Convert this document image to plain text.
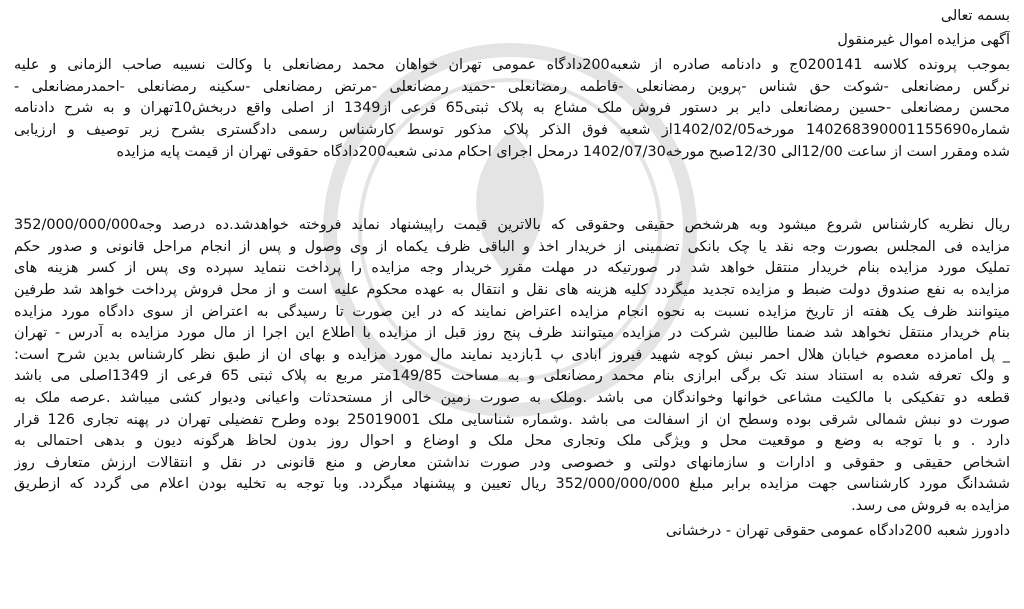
بسمه تعالی
آگهی مزایده اموال غیرمنقول
بموجب پرونده کلاسه 0200141ج و دادنامه صادره از شعبه200دادگاه عمومی تهران خواهان محمد رمضانعلی با وکالت نسیبه صاحب الزمانی و علیه
نرگس رمضانعلی -شوکت حق شناس -پروین رمضانعلی -فاطمه رمضانعلی -حمید رمضانعلی -مرتض رمضانعلی -سکینه رمضانعلی -احمدرمضانعلی -
محسن رمضانعلی -حسین رمضانعلی دایر بر دستور فروش ملک مشاع به پلاک ثبتی65 فرعی از1349 از اصلی واقع دربخش10تهران و به شرح دادنامه
شماره140268390001155690 مورخه1402/02/05از شعبه فوق الذکر پلاک مذکور توسط کارشناس رسمی دادگستری بشرح زیر توصیف و ارزیابی
شده ومقرر است از ساعت 12/00الی 12/30صبح مورخه1402/07/30 درمحل اجرای احکام مدنی شعبه200دادگاه حقوقی تهران از قیمت پایه مزایده
ریال نظریه کارشناس شروع میشود وبه هرشخص حقیقی وحقوقی که بالاترین قیمت راپیشنهاد نماید فروخته خواهدشد.ده درصد وجه352/000/000/000
مزایده فی المجلس بصورت وجه نقد یا چک بانکی تضمینی از خریدار اخذ و الباقی ظرف یکماه از وی وصول و پس از انجام مراحل قانونی و صدور حکم
تملیک مورد مزایده بنام خریدار منتقل خواهد شد در صورتیکه در مهلت مقرر خریدار وجه مزایده را پرداخت ننماید سپرده وی پس از کسر هزینه های
مزایده به نفع صندوق دولت ضبط و مزایده تجدید میگردد کلیه هزینه های نقل و انتقال به عهده محکوم علیه است و از محل فروش پرداخت خواهد شد طرفین
میتوانند ظرف یک هفته از تاریخ مزایده نسبت به نحوه انجام مزایده اعتراض نمایند که در این صورت تا رسیدگی به اعتراض از سوی دادگاه مورد مزایده
بنام خریدار منتقل نخواهد شد ضمنا طالبین شرکت در مزایده میتوانند ظرف پنج روز قبل از مزایده با اطلاع این اجرا از مال مورد مزایده به آدرس - تهران
_ پل امامزده معصوم خیابان هلال احمر نبش کوچه شهید فیروز ابادی پ 1بازدید نمایند مال مورد مزایده و بهای ان از طبق نظر کارشناس بدین شرح است:
و ولک تعرفه شده به استناد سند تک برگی ابرازی بنام محمد رمضانعلی و به مساحت 149/85متر مربع به پلاک ثبتی 65 فرعی از 1349اصلی می باشد
قطعه دو تفکیکی با مالکیت مشاعی خوانها وخواندگان می باشد .وملک به صورت زمین خالی از مستحدثات واعیانی ودیوار کشی میباشد .عرصه ملک به
صورت دو نبش شمالی شرقی بوده وسطح ان از اسفالت می باشد .وشماره شناسایی ملک 25019001 بوده وطرح تفضیلی تهران در پهنه تجاری 126 قرار
دارد . و با توجه به وضع و موقعیت محل و ویژگی ملک وتجاری محل ملک و اوضاع و احوال روز بدون لحاظ هرگونه دیون و بدهی احتمالی به
اشخاص حقیقی و حقوقی و ادارات و سازمانهای دولتی و خصوصی ودر صورت نداشتن معارض و منع قانونی در نقل و انتقالات ارزش متعارف روز
ششدانگ مورد کارشناسی جهت مزایده برابر مبلغ 352/000/000/000 ریال تعیین و پیشنهاد میگردد. وبا توجه به تخلیه بودن اعلام می گردد که ازطریق
مزایده به فروش می رسد.
دادورز شعبه 200دادگاه عمومی حقوقی تهران - درخشانی
